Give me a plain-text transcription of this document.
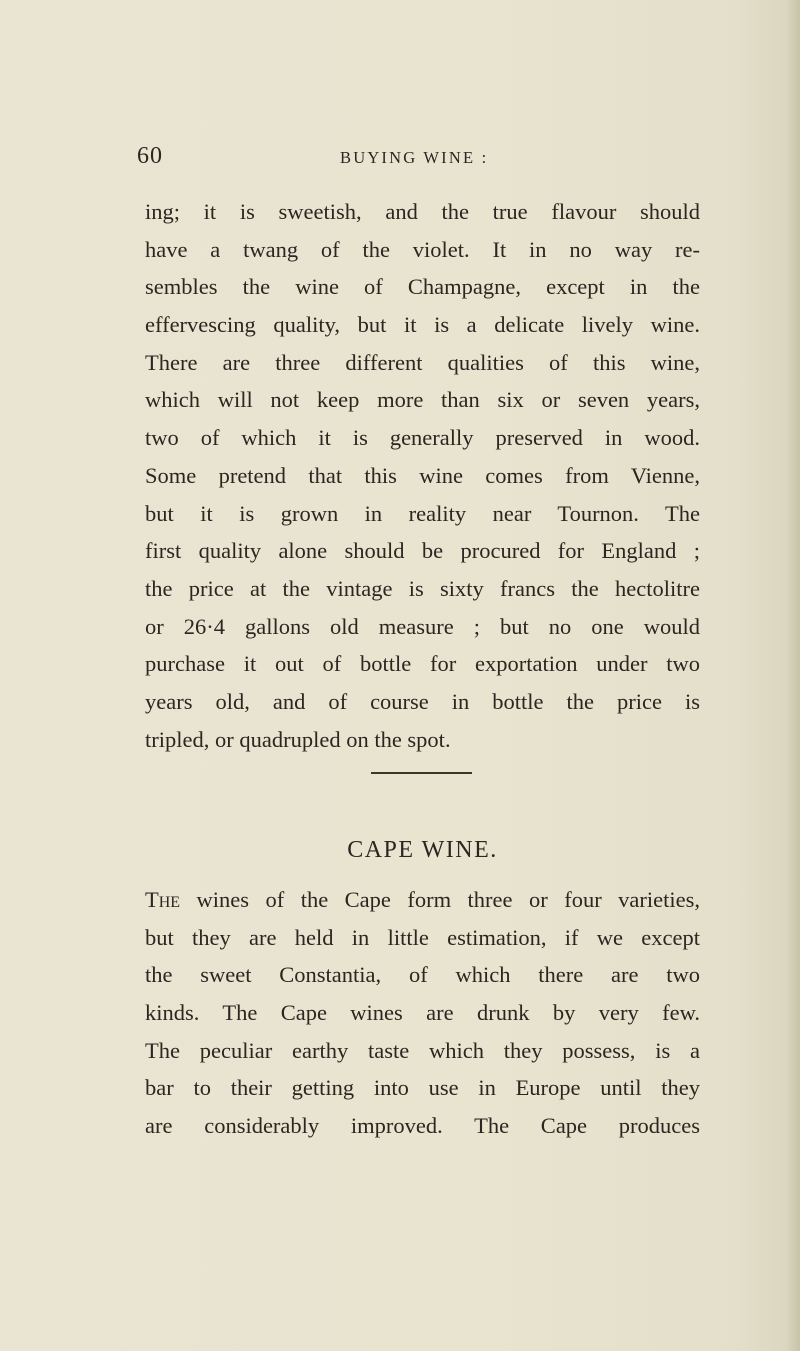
60	BUYING WINE :
ing; it is sweetish, and the true flavour should
have a twang of the violet. It in no way re-
sembles the wine of Champagne, except in the
effervescing quality, but it is a delicate lively wine.
There are three different qualities of this wine,
which will not keep more than six or seven years,
two of which it is generally preserved in wood.
Some pretend that this wine comes from Vienne,
but it is grown in reality near Tournon. The
first quality alone should be procured for England ;
the price at the vintage is sixty francs the hectolitre
or 26·4 gallons old measure ; but no one would
purchase it out of bottle for exportation under two
years old, and of course in bottle the price is
tripled, or quadrupled on the spot.
CAPE WINE.
The wines of the Cape form three or four varieties,
but they are held in little estimation, if we except
the sweet Constantia, of which there are two
kinds. The Cape wines are drunk by very few.
The peculiar earthy taste which they possess, is a
bar to their getting into use in Europe until they
are considerably improved. The Cape produces
